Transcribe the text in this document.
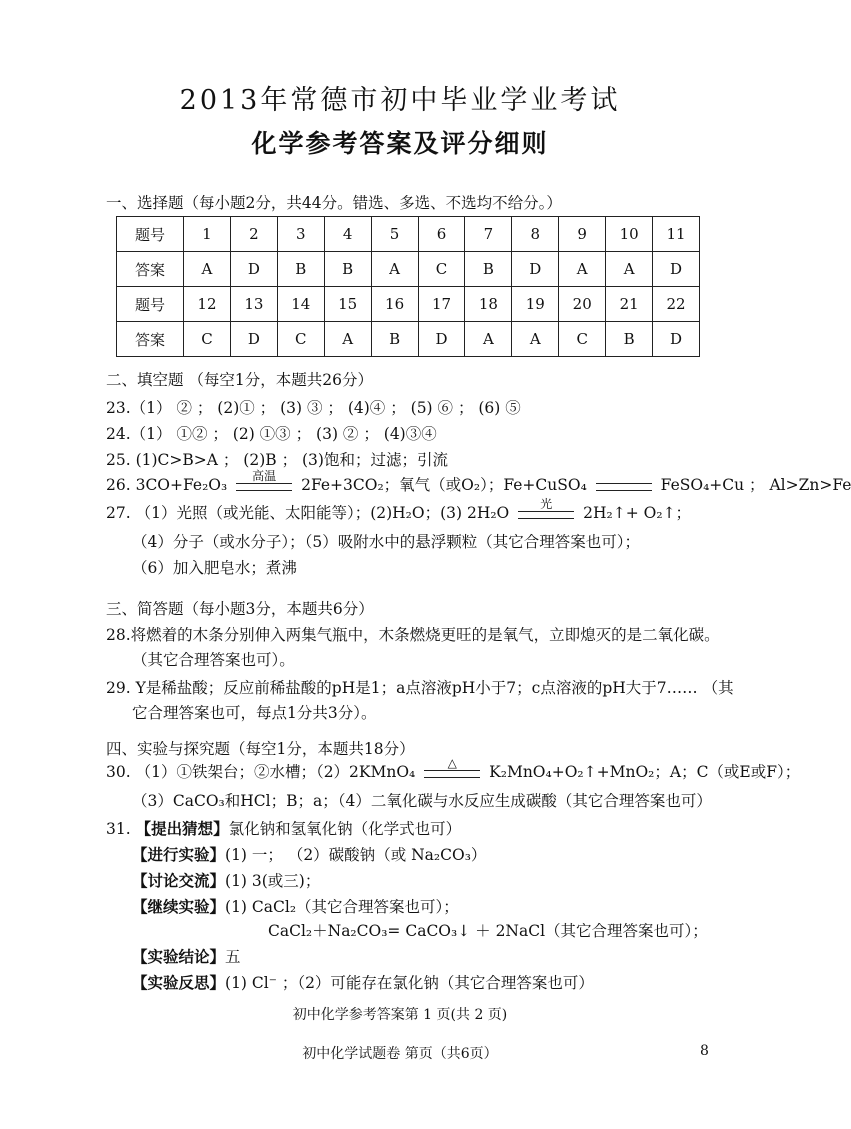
2013年常德市初中毕业学业考试
化学参考答案及评分细则
一、选择题（每小题2分，共44分。错选、多选、不选均不给分。）
题号	1	2	3	4	5	6	7	8	9	10	11
答案	A	D	B	B	A	C	B	D	A	A	D
题号	12	13	14	15	16	17	18	19	20	21	22
答案	C	D	C	A	B	D	A	A	C	B	D
二、填空题 （每空1分，本题共26分）
23.（1） ② ； (2)① ； (3) ③ ； (4)④ ； (5) ⑥ ； (6) ⑤
24.（1） ①② ； (2) ①③ ； (3) ② ； (4)③④
25. (1)C>B>A ； (2)B ； (3)饱和；过滤；引流
26. 3CO+Fe₂O₃	高温	2Fe+3CO₂；氧气（或O₂）；Fe+CuSO₄	FeSO₄+Cu ； Al>Zn>Fe
27. （1）光照（或光能、太阳能等）；(2)H₂O；(3) 2H₂O	光	2H₂↑+ O₂↑；
（4）分子（或水分子）；（5）吸附水中的悬浮颗粒（其它合理答案也可）；
（6）加入肥皂水；煮沸
三、简答题（每小题3分，本题共6分）
28.将燃着的木条分别伸入两集气瓶中，木条燃烧更旺的是氧气，立即熄灭的是二氧化碳。
（其它合理答案也可）。
29. Y是稀盐酸；反应前稀盐酸的pH是1；a点溶液pH小于7；c点溶液的pH大于7…… （其
它合理答案也可，每点1分共3分）。
四、实验与探究题（每空1分，本题共18分）
30. （1）①铁架台；②水槽；（2）2KMnO₄	△	K₂MnO₄+O₂↑+MnO₂；A；C（或E或F）；
（3）CaCO₃和HCl；B；a；（4）二氧化碳与水反应生成碳酸（其它合理答案也可）
31. 【提出猜想】氯化钠和氢氧化钠（化学式也可）
【进行实验】(1) 一； （2）碳酸钠（或 Na₂CO₃）
【讨论交流】(1) 3(或三)；
【继续实验】(1) CaCl₂（其它合理答案也可）；
CaCl₂＋Na₂CO₃= CaCO₃↓ ＋ 2NaCl（其它合理答案也可）；
【实验结论】五
【实验反思】(1) Cl⁻ ；（2）可能存在氯化钠（其它合理答案也可）
初中化学参考答案第 1 页(共 2 页)
初中化学试题卷 第页（共6页）	8
